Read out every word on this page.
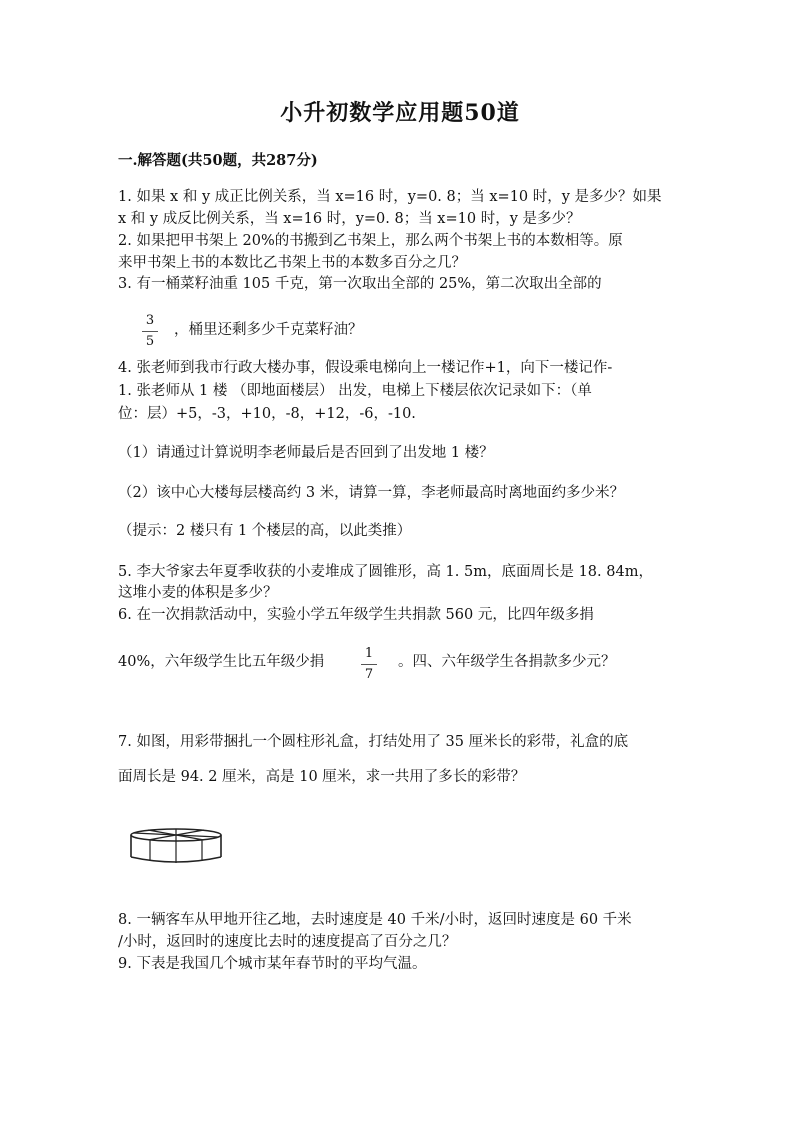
小升初数学应用题50道
一.解答题(共50题，共287分)
1. 如果 x 和 y 成正比例关系，当 x=16 时，y=0. 8；当 x=10 时，y 是多少？如果
x 和 y 成反比例关系，当 x=16 时，y=0. 8；当 x=10 时，y 是多少？
2. 如果把甲书架上 20%的书搬到乙书架上，那么两个书架上书的本数相等。原
来甲书架上书的本数比乙书架上书的本数多百分之几？
3. 有一桶菜籽油重 105 千克，第一次取出全部的 25%，第二次取出全部的
3
5
，桶里还剩多少千克菜籽油？
4. 张老师到我市行政大楼办事，假设乘电梯向上一楼记作+1，向下一楼记作-
1. 张老师从 1 楼 （即地面楼层） 出发，电梯上下楼层依次记录如下：（单
位：层）+5，-3，+10，-8，+12，-6，-10.
（1）请通过计算说明李老师最后是否回到了出发地 1 楼？
（2）该中心大楼每层楼高约 3 米，请算一算，李老师最高时离地面约多少米？
（提示：2 楼只有 1 个楼层的高，以此类推）
5. 李大爷家去年夏季收获的小麦堆成了圆锥形，高 1. 5m，底面周长是 18. 84m，
这堆小麦的体积是多少？
6. 在一次捐款活动中，实验小学五年级学生共捐款 560 元，比四年级多捐
40%，六年级学生比五年级少捐
1
7
。四、六年级学生各捐款多少元？
7. 如图，用彩带捆扎一个圆柱形礼盒，打结处用了 35 厘米长的彩带，礼盒的底
面周长是 94. 2 厘米，高是 10 厘米，求一共用了多长的彩带？
8. 一辆客车从甲地开往乙地，去时速度是 40 千米/小时，返回时速度是 60 千米
/小时，返回时的速度比去时的速度提高了百分之几？
9. 下表是我国几个城市某年春节时的平均气温。
